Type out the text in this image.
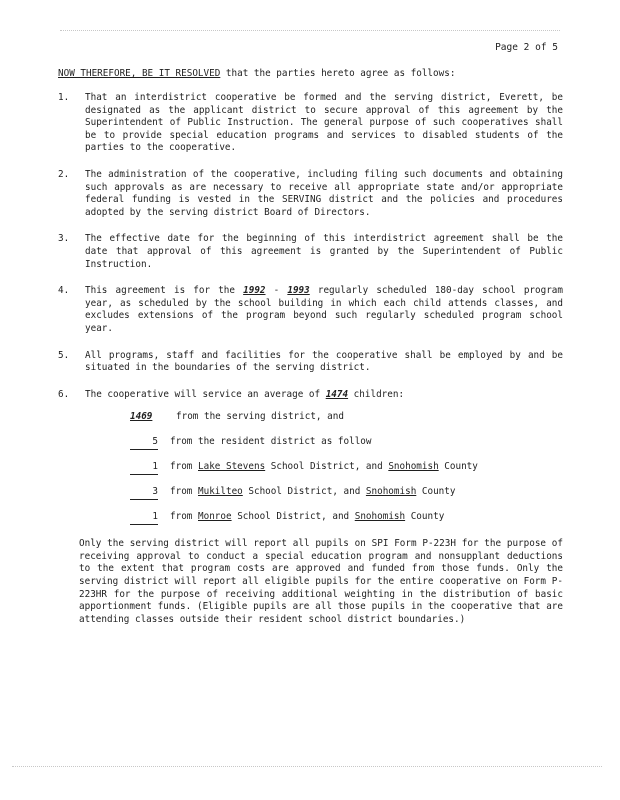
Page 2 of 5
NOW THEREFORE, BE IT RESOLVED that the parties hereto agree as follows:
1. That an interdistrict cooperative be formed and the serving district, Everett, be designated as the applicant district to secure approval of this agreement by the Superintendent of Public Instruction. The general purpose of such cooperatives shall be to provide special education programs and services to disabled students of the parties to the cooperative.
2. The administration of the cooperative, including filing such documents and obtaining such approvals as are necessary to receive all appropriate state and/or appropriate federal funding is vested in the SERVING district and the policies and procedures adopted by the serving district Board of Directors.
3. The effective date for the beginning of this interdistrict agreement shall be the date that approval of this agreement is granted by the Superintendent of Public Instruction.
4. This agreement is for the 1992 - 1993 regularly scheduled 180-day school program year, as scheduled by the school building in which each child attends classes, and excludes extensions of the program beyond such regularly scheduled program school year.
5. All programs, staff and facilities for the cooperative shall be employed by and be situated in the boundaries of the serving district.
6. The cooperative will service an average of 1474 children:
1469	from the serving district, and
5 from the resident district as follow
1 from Lake Stevens School District, and Snohomish County
3 from Mukilteo School District, and Snohomish County
1 from Monroe School District, and Snohomish County
Only the serving district will report all pupils on SPI Form P-223H for the purpose of receiving approval to conduct a special education program and nonsupplant deductions to the extent that program costs are approved and funded from those funds. Only the serving district will report all eligible pupils for the entire cooperative on Form P-223HR for the purpose of receiving additional weighting in the distribution of basic apportionment funds. (Eligible pupils are all those pupils in the cooperative that are attending classes outside their resident school district boundaries.)
